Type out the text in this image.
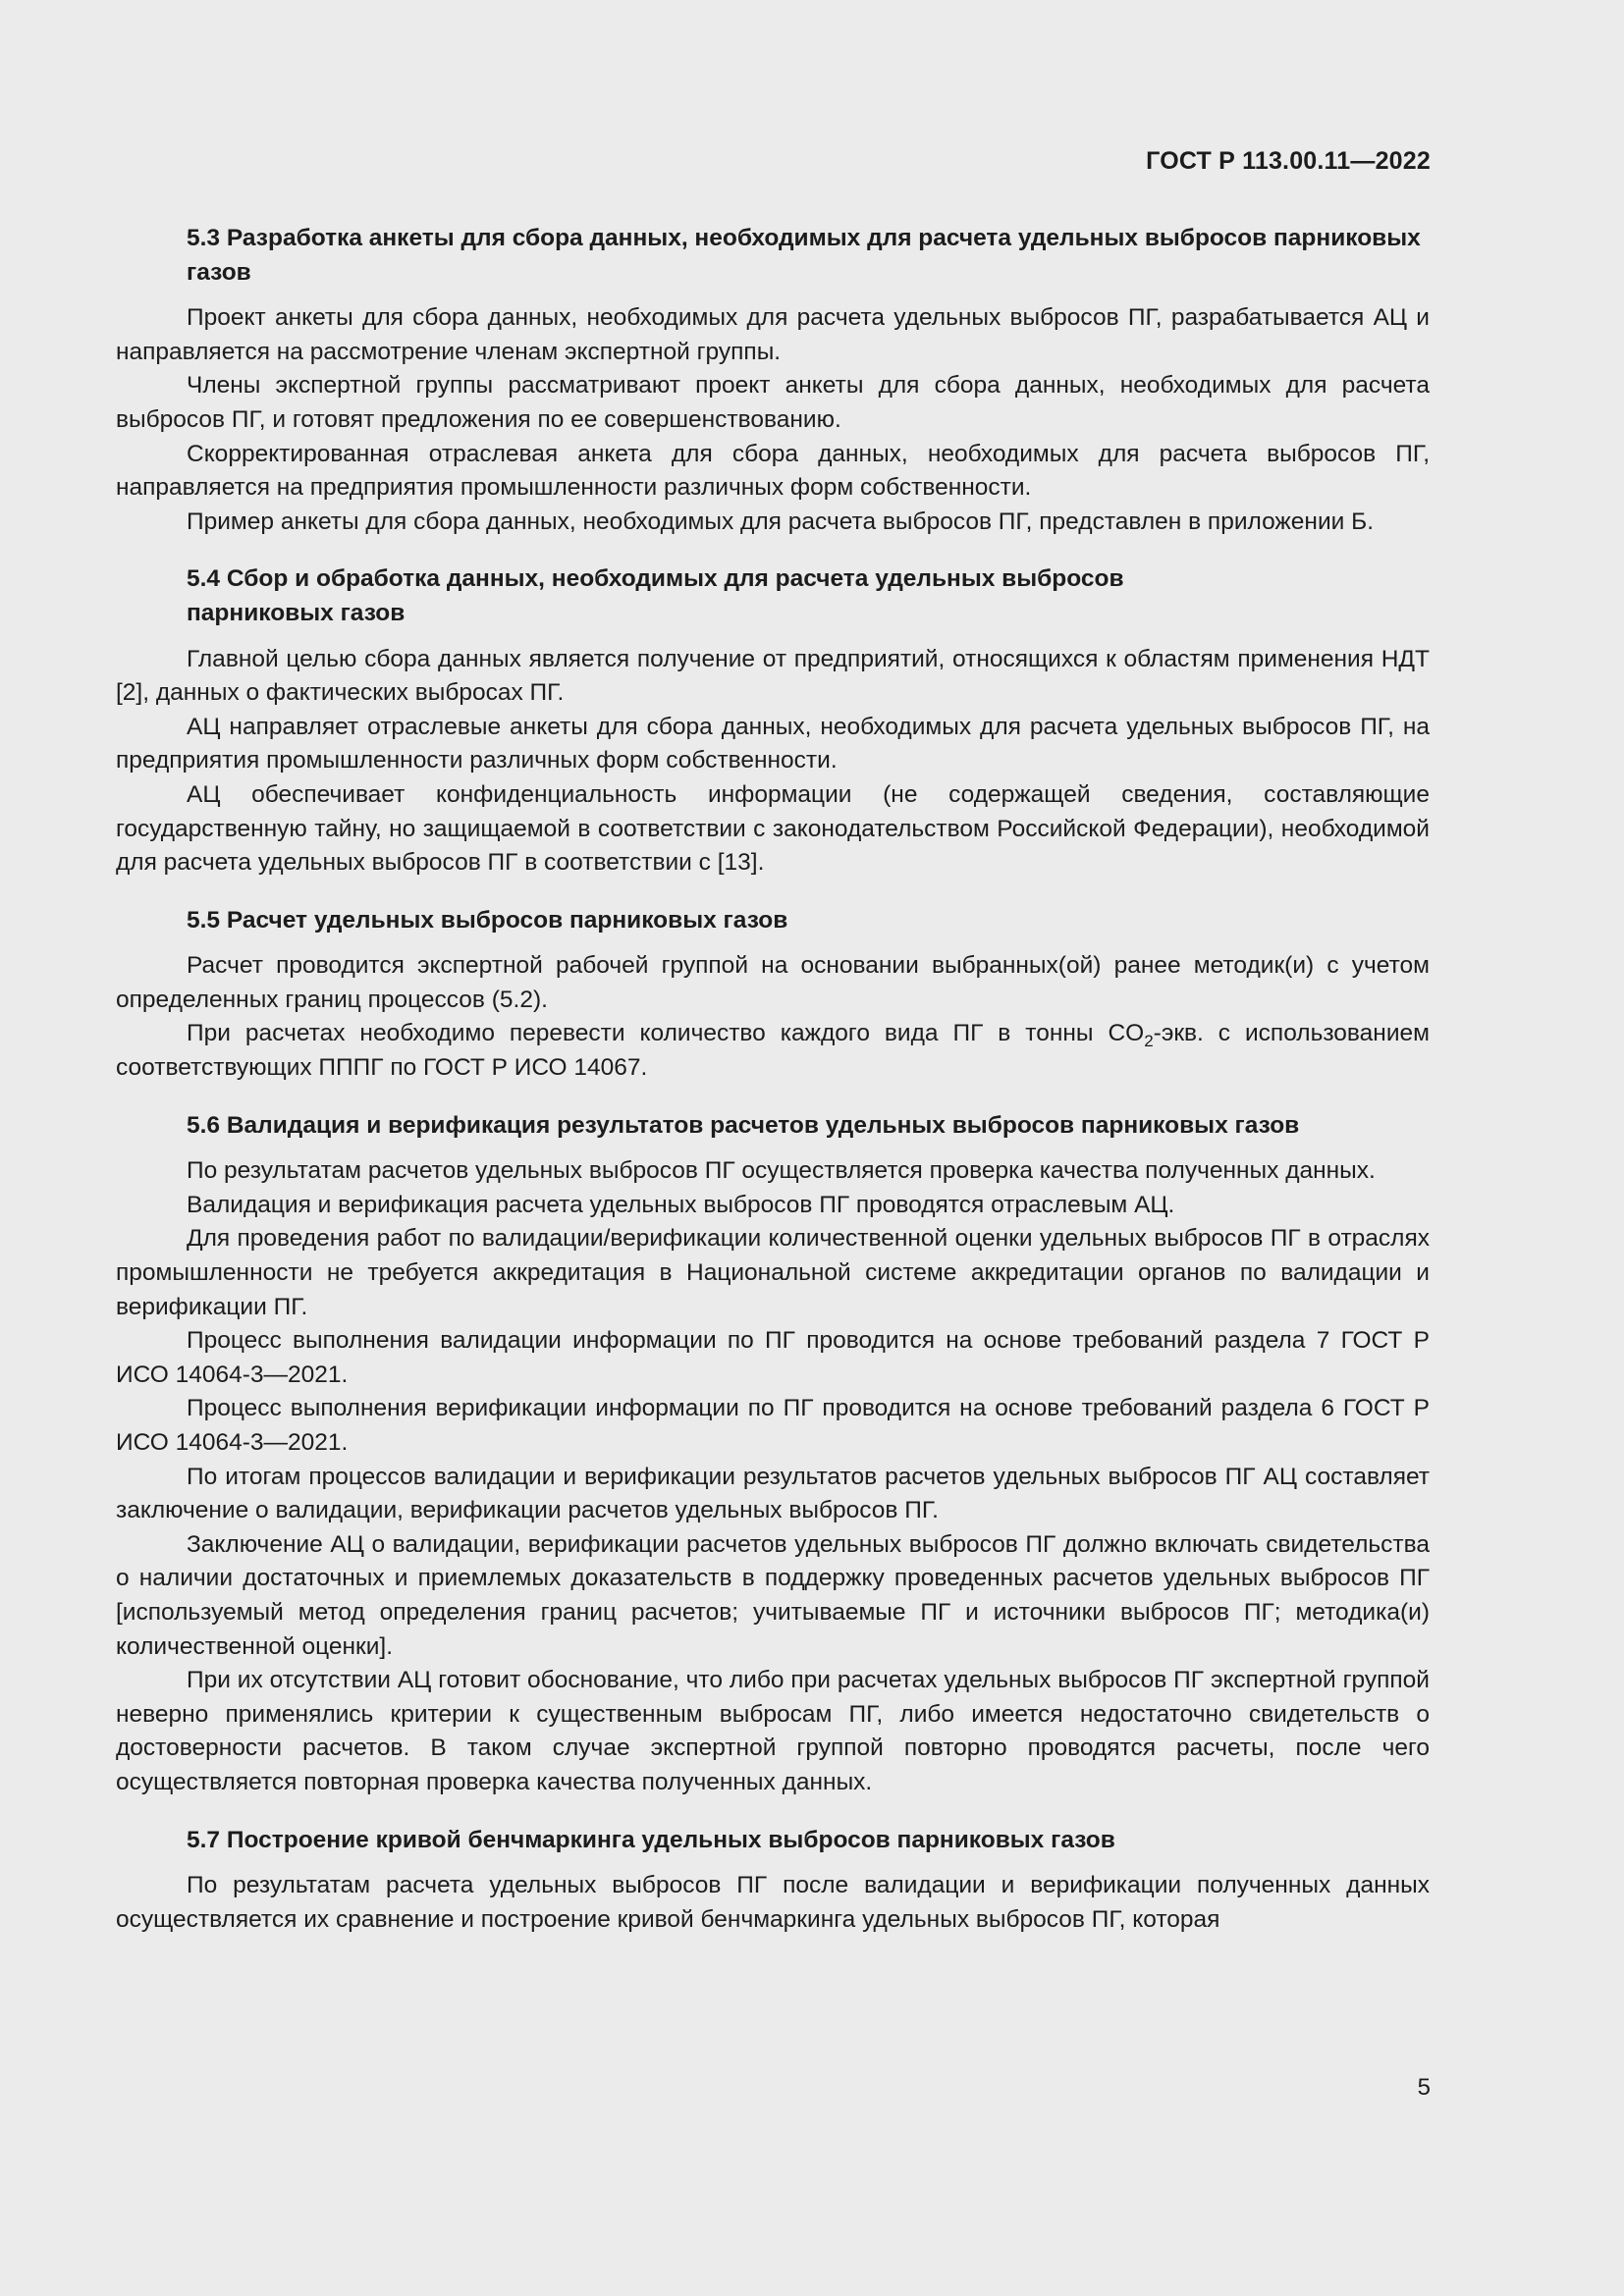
ГОСТ Р 113.00.11—2022

5.3 Разработка анкеты для сбора данных, необходимых для расчета удельных выбросов парниковых газов

Проект анкеты для сбора данных, необходимых для расчета удельных выбросов ПГ, разрабатывается АЦ и направляется на рассмотрение членам экспертной группы.

Члены экспертной группы рассматривают проект анкеты для сбора данных, необходимых для расчета выбросов ПГ, и готовят предложения по ее совершенствованию.

Скорректированная отраслевая анкета для сбора данных, необходимых для расчета выбросов ПГ, направляется на предприятия промышленности различных форм собственности.

Пример анкеты для сбора данных, необходимых для расчета выбросов ПГ, представлен в приложении Б.

5.4 Сбор и обработка данных, необходимых для расчета удельных выбросов парниковых газов

Главной целью сбора данных является получение от предприятий, относящихся к областям применения НДТ [2], данных о фактических выбросах ПГ.

АЦ направляет отраслевые анкеты для сбора данных, необходимых для расчета удельных выбросов ПГ, на предприятия промышленности различных форм собственности.

АЦ обеспечивает конфиденциальность информации (не содержащей сведения, составляющие государственную тайну, но защищаемой в соответствии с законодательством Российской Федерации), необходимой для расчета удельных выбросов ПГ в соответствии с [13].

5.5 Расчет удельных выбросов парниковых газов

Расчет проводится экспертной рабочей группой на основании выбранных(ой) ранее методик(и) с учетом определенных границ процессов (5.2).

При расчетах необходимо перевести количество каждого вида ПГ в тонны $CO_2$-экв. с использованием соответствующих ПППГ по ГОСТ Р ИСО 14067.

5.6 Валидация и верификация результатов расчетов удельных выбросов парниковых газов

По результатам расчетов удельных выбросов ПГ осуществляется проверка качества полученных данных.

Валидация и верификация расчета удельных выбросов ПГ проводятся отраслевым АЦ.

Для проведения работ по валидации/верификации количественной оценки удельных выбросов ПГ в отраслях промышленности не требуется аккредитация в Национальной системе аккредитации органов по валидации и верификации ПГ.

Процесс выполнения валидации информации по ПГ проводится на основе требований раздела 7 ГОСТ Р ИСО 14064-3—2021.

Процесс выполнения верификации информации по ПГ проводится на основе требований раздела 6 ГОСТ Р ИСО 14064-3—2021.

По итогам процессов валидации и верификации результатов расчетов удельных выбросов ПГ АЦ составляет заключение о валидации, верификации расчетов удельных выбросов ПГ.

Заключение АЦ о валидации, верификации расчетов удельных выбросов ПГ должно включать свидетельства о наличии достаточных и приемлемых доказательств в поддержку проведенных расчетов удельных выбросов ПГ [используемый метод определения границ расчетов; учитываемые ПГ и источники выбросов ПГ; методика(и) количественной оценки].

При их отсутствии АЦ готовит обоснование, что либо при расчетах удельных выбросов ПГ экспертной группой неверно применялись критерии к существенным выбросам ПГ, либо имеется недостаточно свидетельств о достоверности расчетов. В таком случае экспертной группой повторно проводятся расчеты, после чего осуществляется повторная проверка качества полученных данных.

5.7 Построение кривой бенчмаркинга удельных выбросов парниковых газов

По результатам расчета удельных выбросов ПГ после валидации и верификации полученных данных осуществляется их сравнение и построение кривой бенчмаркинга удельных выбросов ПГ, которая

5
